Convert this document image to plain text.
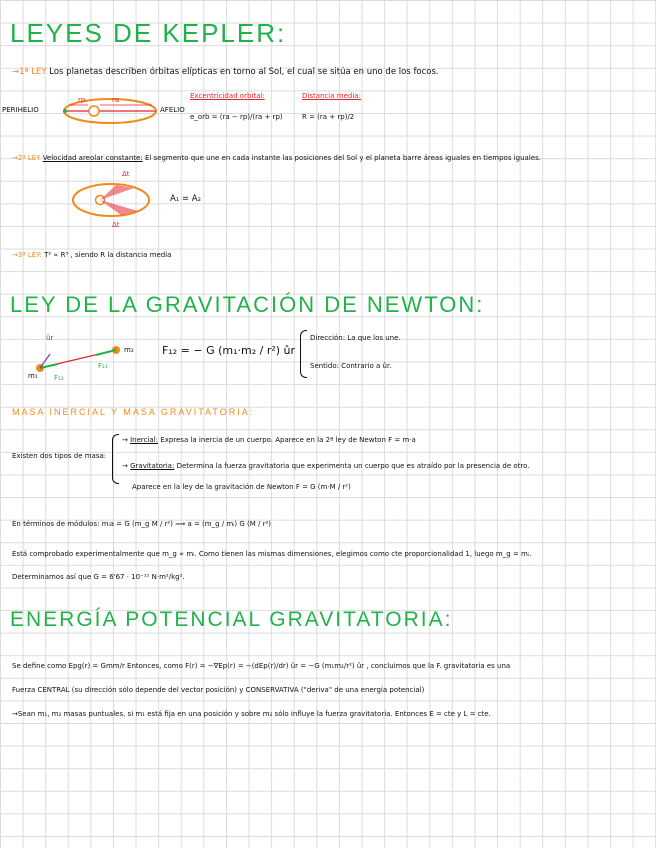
LEYES DE KEPLER:
→1ª LEY Los planetas describen órbitas elípticas en torno al Sol, el cual se sitúa en uno de los focos.
PERIHELIO	AFELIO
rp	ra	Excentricidad orbital:
e_orb = (ra − rp)/(ra + rp)
Distancia media:
R = (ra + rp)/2
→2ª LEY Velocidad areolar constante: El segmento que une en cada instante las posiciones del Sol y el planeta barre áreas iguales en tiempos iguales.
Δt
Δt
A₁ = A₂
→3ª LEY: T² ∝ R³ , siendo R la distancia media
LEY DE LA GRAVITACIÓN DE NEWTON:
m₁
m₂
F₁₂
F₂₁
ûr
F₁₂ = − G (m₁·m₂ / r²) ûr
Dirección: La que los une.
Sentido: Contrario a ûr.
MASA INERCIAL Y MASA GRAVITATORIA:
Existen dos tipos de masa:
→ Inercial: Expresa la inercia de un cuerpo. Aparece en la 2ª ley de Newton F = m·a
→ Gravitatoria: Determina la fuerza gravitatoria que experimenta un cuerpo que es atraído por la presencia de otro.
Aparece en la ley de la gravitación de Newton F = G (m·M / r²)
En términos de módulos: mᵢa = G (m_g M / r²) ⟹ a = (m_g / mᵢ) G (M / r²)
Está comprobado experimentalmente que m_g ∝ mᵢ. Como tienen las mismas dimensiones, elegimos como cte proporcionalidad 1, luego m_g = mᵢ.
Determinamos así que G = 6'67 · 10⁻¹¹ N·m²/kg².
ENERGÍA POTENCIAL GRAVITATORIA:
Se define como Epg(r) = Gmm/r Entonces, como F(r) = −∇Ep(r) = −(dEp(r)/dr) ûr = −G (m₁m₂/r²) ûr , concluimos que la F. gravitatoria es una
Fuerza CENTRAL (su dirección sólo depende del vector posición) y CONSERVATIVA ("deriva" de una energía potencial)
→Sean m₁, m₂ masas puntuales, si m₁ está fija en una posición y sobre m₂ sólo influye la fuerza gravitatoria. Entonces E = cte y L = cte.
